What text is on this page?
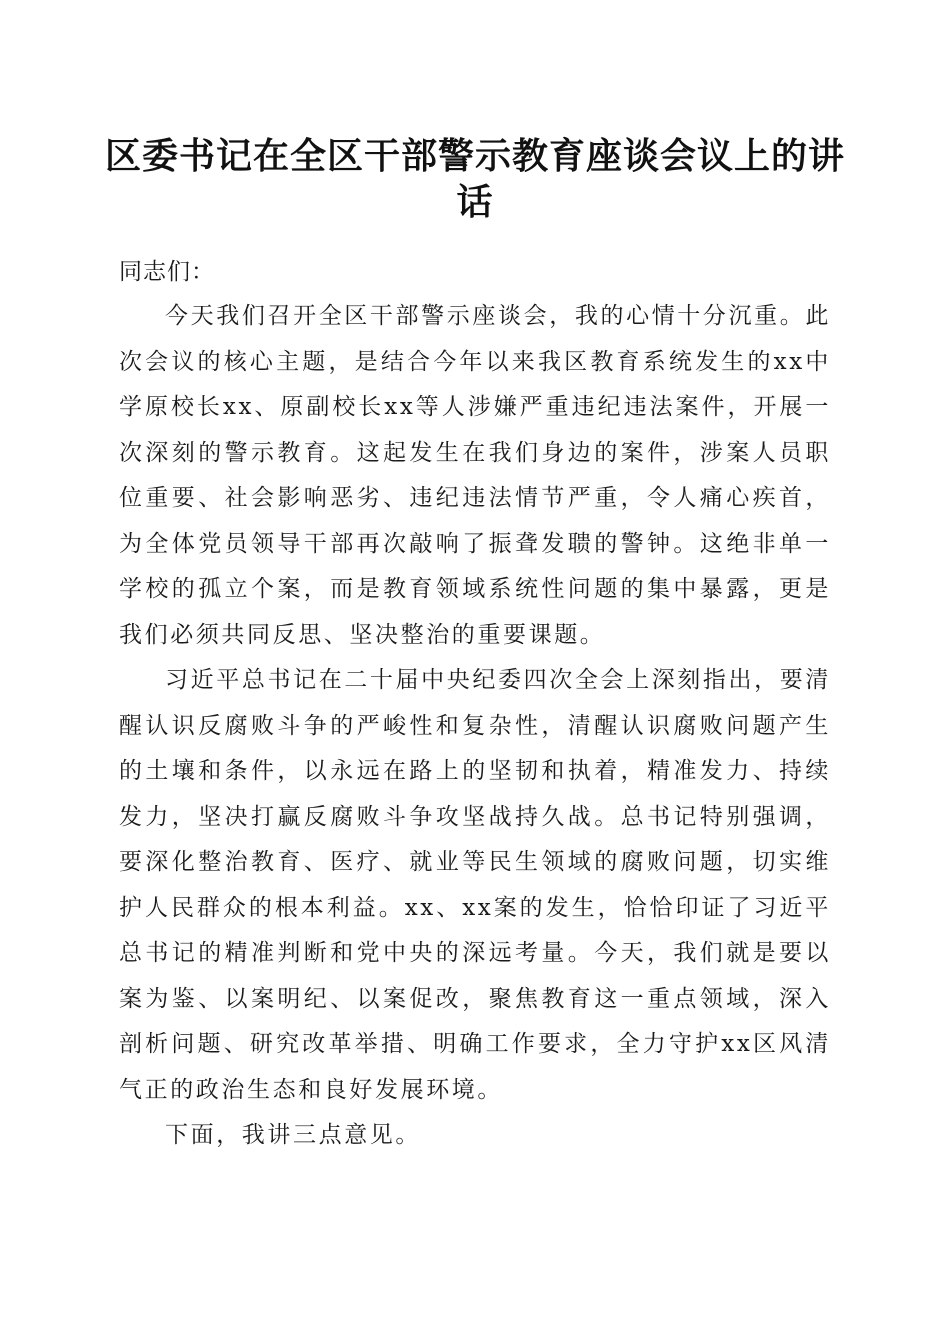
区委书记在全区干部警示教育座谈会议上的讲话

同志们：

今天我们召开全区干部警示座谈会，我的心情十分沉重。此次会议的核心主题，是结合今年以来我区教育系统发生的xx中学原校长xx、原副校长xx等人涉嫌严重违纪违法案件，开展一次深刻的警示教育。这起发生在我们身边的案件，涉案人员职位重要、社会影响恶劣、违纪违法情节严重，令人痛心疾首，为全体党员领导干部再次敲响了振聋发聩的警钟。这绝非单一学校的孤立个案，而是教育领域系统性问题的集中暴露，更是我们必须共同反思、坚决整治的重要课题。

习近平总书记在二十届中央纪委四次全会上深刻指出，要清醒认识反腐败斗争的严峻性和复杂性，清醒认识腐败问题产生的土壤和条件，以永远在路上的坚韧和执着，精准发力、持续发力，坚决打赢反腐败斗争攻坚战持久战。总书记特别强调，要深化整治教育、医疗、就业等民生领域的腐败问题，切实维护人民群众的根本利益。xx、xx案的发生，恰恰印证了习近平总书记的精准判断和党中央的深远考量。今天，我们就是要以案为鉴、以案明纪、以案促改，聚焦教育这一重点领域，深入剖析问题、研究改革举措、明确工作要求，全力守护xx区风清气正的政治生态和良好发展环境。

下面，我讲三点意见。
